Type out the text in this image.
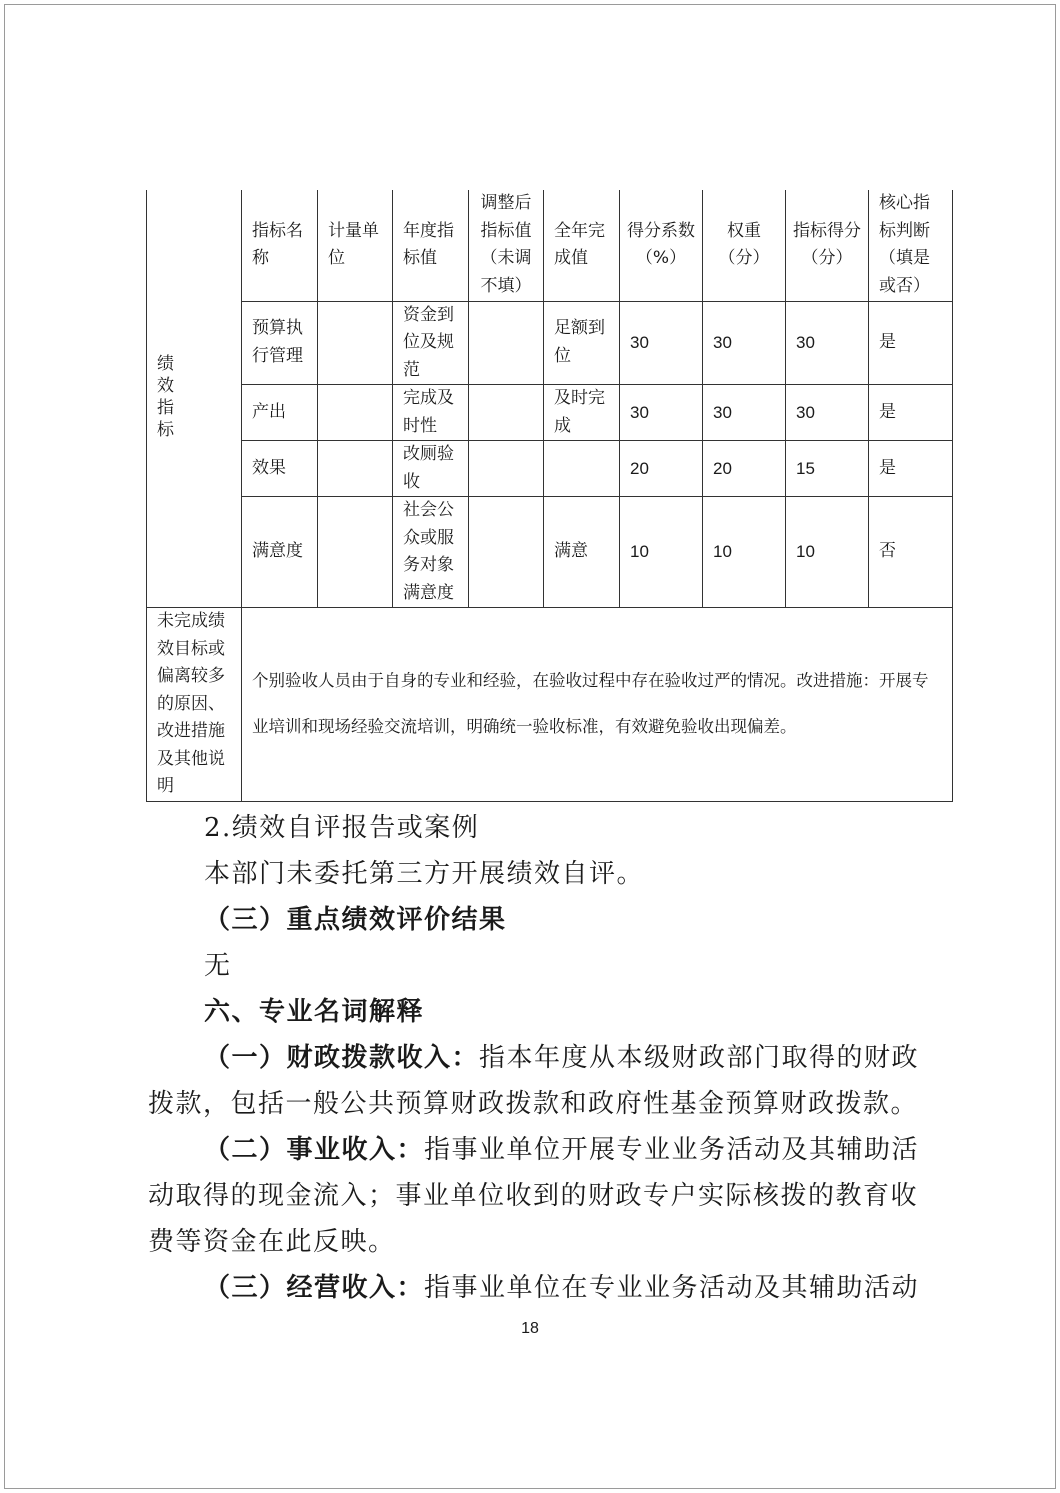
绩效指标	指标名称	计量单位	年度指标值	调整后指标值（未调不填）	全年完成值	得分系数（%）	权重（分）	指标得分（分）	核心指标判断（填是或否）
	预算执行管理		资金到位及规范		足额到位	30	30	30	是
	产出		完成及时性		及时完成	30	30	30	是
	效果		改厕验收			20	20	15	是
	满意度		社会公众或服务对象满意度		满意	10	10	10	否
未完成绩效目标或偏离较多的原因、改进措施及其他说明	个别验收人员由于自身的专业和经验，在验收过程中存在验收过严的情况。改进措施：开展专业培训和现场经验交流培训，明确统一验收标准，有效避免验收出现偏差。								
2.绩效自评报告或案例
本部门未委托第三方开展绩效自评。
（三）重点绩效评价结果
无
六、专业名词解释
（一）财政拨款收入：指本年度从本级财政部门取得的财政拨款，包括一般公共预算财政拨款和政府性基金预算财政拨款。
（二）事业收入：指事业单位开展专业业务活动及其辅助活动取得的现金流入；事业单位收到的财政专户实际核拨的教育收费等资金在此反映。
（三）经营收入：指事业单位在专业业务活动及其辅助活动
18
